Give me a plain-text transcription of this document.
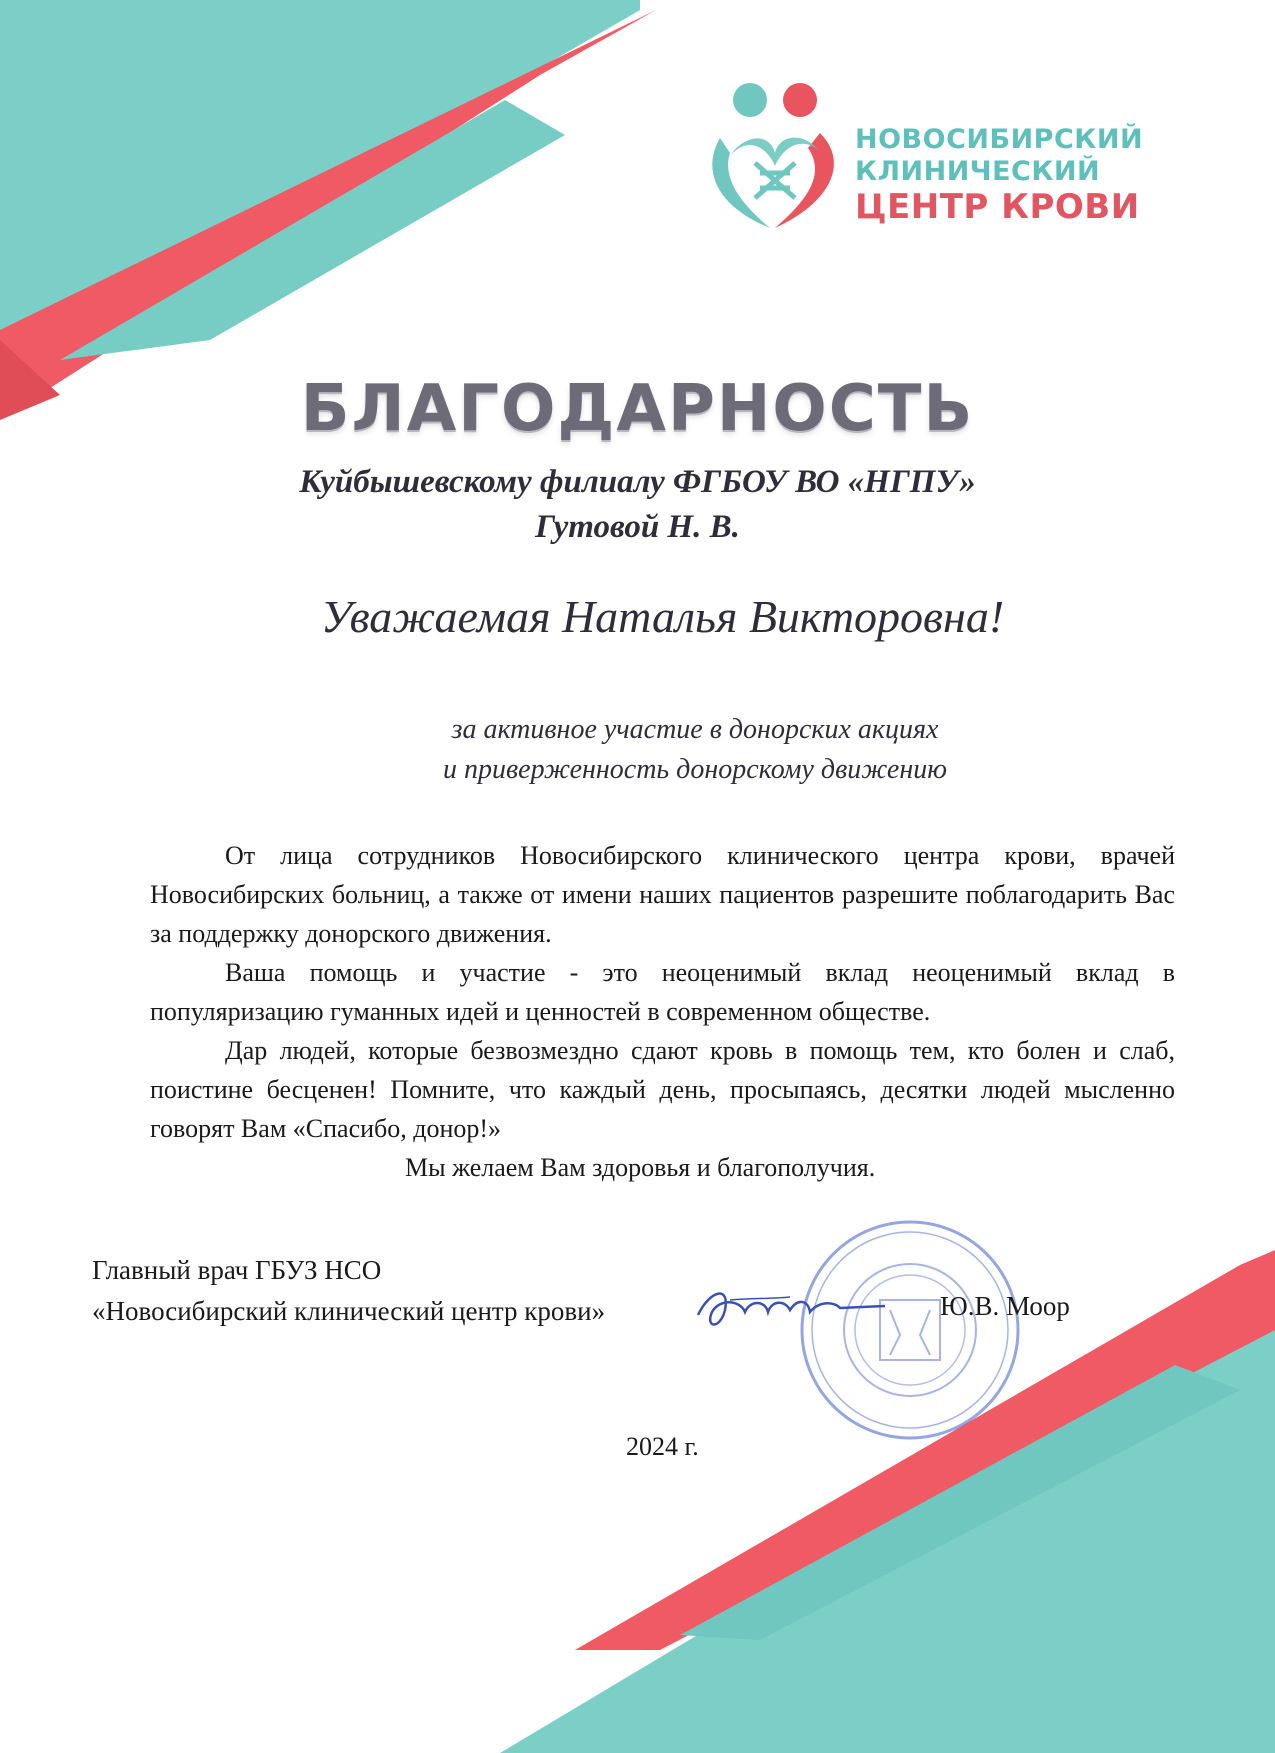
НОВОСИБИРСКИЙ
КЛИНИЧЕСКИЙ
ЦЕНТР КРОВИ
БЛАГОДАРНОСТЬ
Куйбышевскому филиалу ФГБОУ ВО «НГПУ»
Гутовой Н. В.
Уважаемая Наталья Викторовна!
за активное участие в донорских акциях
и приверженность донорскому движению

От лица сотрудников Новосибирского клинического центра крови, врачей Новосибирских больниц, а также от имени наших пациентов разрешите поблагодарить Вас за поддержку донорского движения.

Ваша помощь и участие - это неоценимый вклад неоценимый вклад в популяризацию гуманных идей и ценностей в современном обществе.

Дар людей, которые безвозмездно сдают кровь в помощь тем, кто болен и слаб, поистине бесценен! Помните, что каждый день, просыпаясь, десятки людей мысленно говорят Вам «Спасибо, донор!»

Мы желаем Вам здоровья и благополучия.

Главный врач ГБУЗ НСО
«Новосибирский клинический центр крови»	Ю.В. Моор
2024 г.
